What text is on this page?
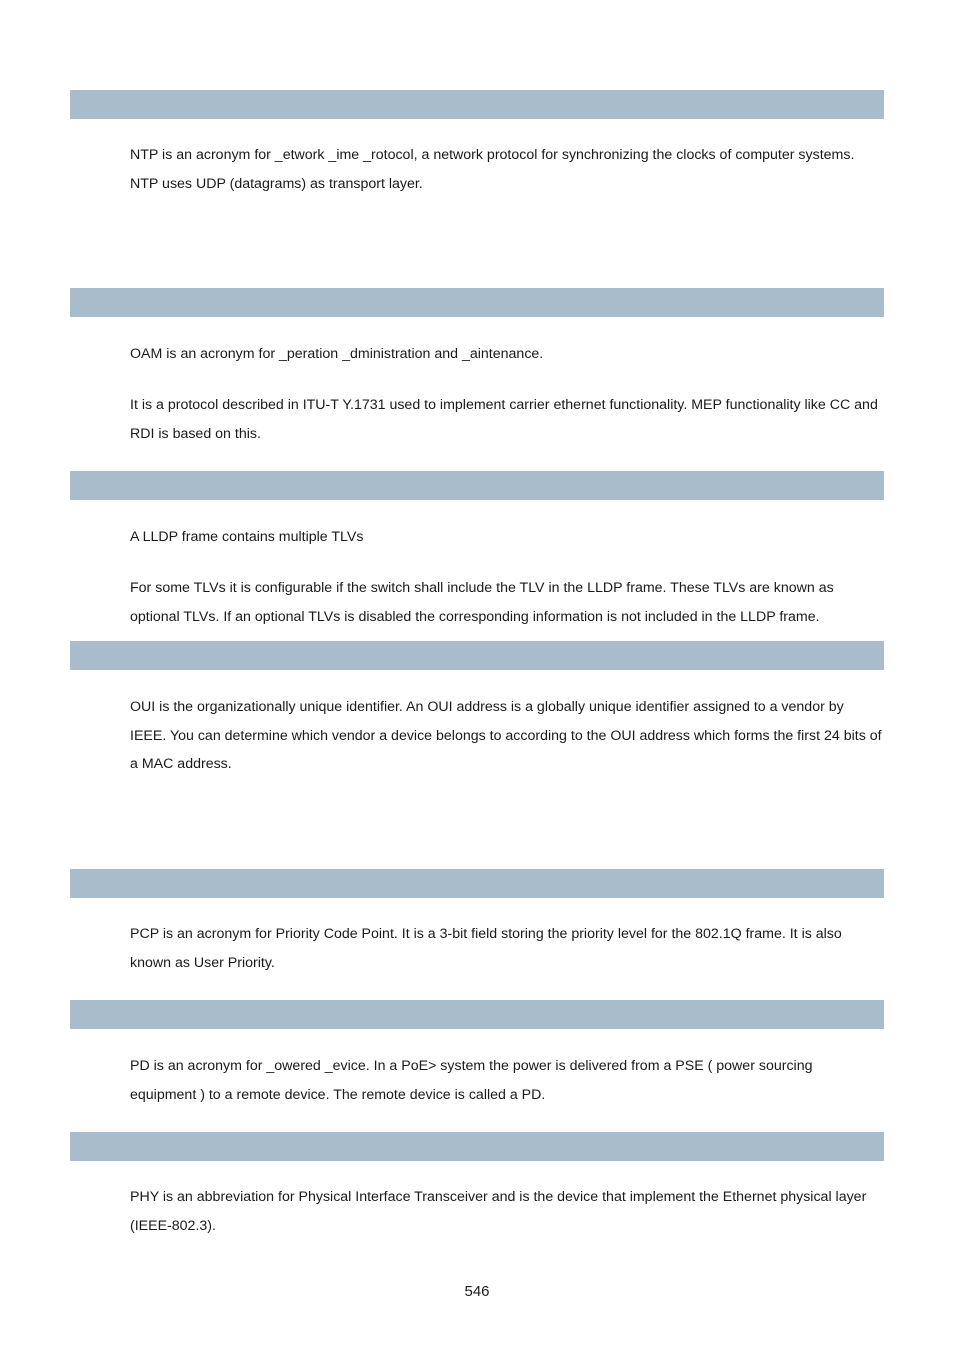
NTP is an acronym for _etwork _ime _rotocol, a network protocol for synchronizing the clocks of computer systems. NTP uses UDP (datagrams) as transport layer.

OAM is an acronym for _peration _dministration and _aintenance.

It is a protocol described in ITU-T Y.1731 used to implement carrier ethernet functionality. MEP functionality like CC and RDI is based on this.

A LLDP frame contains multiple TLVs

For some TLVs it is configurable if the switch shall include the TLV in the LLDP frame. These TLVs are known as optional TLVs. If an optional TLVs is disabled the corresponding information is not included in the LLDP frame.

OUI is the organizationally unique identifier. An OUI address is a globally unique identifier assigned to a vendor by IEEE. You can determine which vendor a device belongs to according to the OUI address which forms the first 24 bits of a MAC address.

PCP is an acronym for Priority Code Point. It is a 3-bit field storing the priority level for the 802.1Q frame. It is also known as User Priority.

PD is an acronym for _owered _evice. In a PoE> system the power is delivered from a PSE ( power sourcing equipment ) to a remote device. The remote device is called a PD.

PHY is an abbreviation for Physical Interface Transceiver and is the device that implement the Ethernet physical layer (IEEE-802.3).

546
